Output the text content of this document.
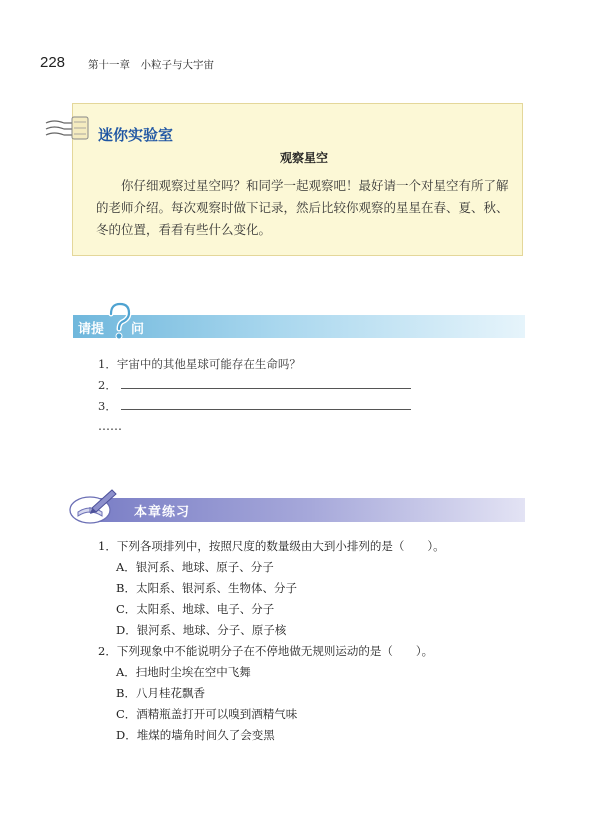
228 第十一章　小粒子与大宇宙
迷你实验室
观察星空

你仔细观察过星空吗？和同学一起观察吧！最好请一个对星空有所了解的老师介绍。每次观察时做下记录，然后比较你观察的星星在春、夏、秋、冬的位置，看看有些什么变化。

请提 问
1．宇宙中的其他星球可能存在生命吗？
2．
3．
……
本章练习
1．下列各项排列中，按照尺度的数量级由大到小排列的是（　　）。
A．银河系、地球、原子、分子
B．太阳系、银河系、生物体、分子
C．太阳系、地球、电子、分子
D．银河系、地球、分子、原子核
2．下列现象中不能说明分子在不停地做无规则运动的是（　　）。
A．扫地时尘埃在空中飞舞
B．八月桂花飘香
C．酒精瓶盖打开可以嗅到酒精气味
D．堆煤的墙角时间久了会变黑
